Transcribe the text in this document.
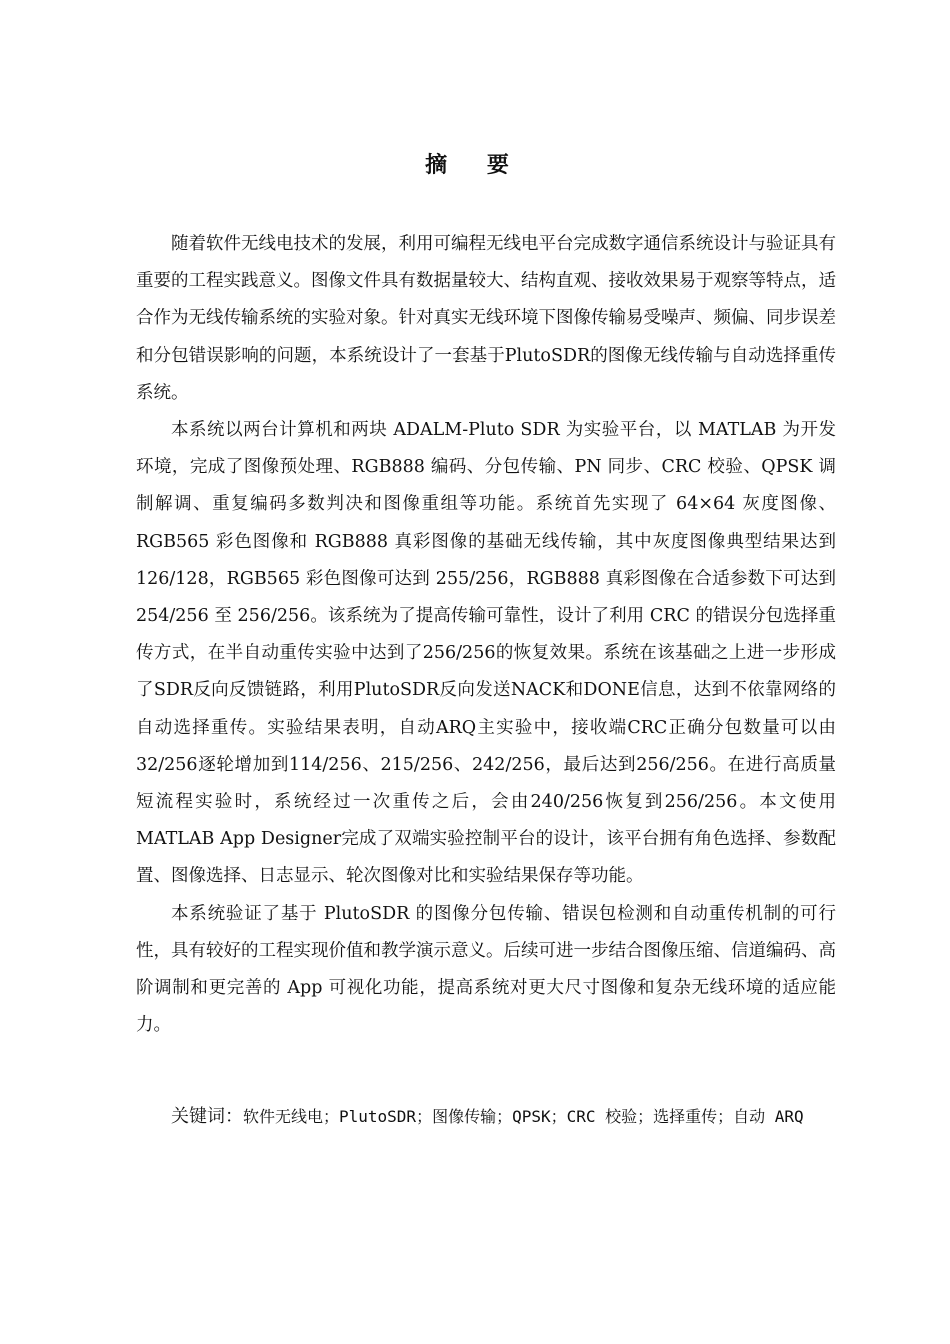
摘 要

随着软件无线电技术的发展，利用可编程无线电平台完成数字通信系统设计与验证具有重要的工程实践意义。图像文件具有数据量较大、结构直观、接收效果易于观察等特点，适合作为无线传输系统的实验对象。针对真实无线环境下图像传输易受噪声、频偏、同步误差和分包错误影响的问题，本系统设计了一套基于PlutoSDR的图像无线传输与自动选择重传系统。

本系统以两台计算机和两块 ADALM-Pluto SDR 为实验平台，以 MATLAB 为开发环境，完成了图像预处理、RGB888 编码、分包传输、PN 同步、CRC 校验、QPSK 调制解调、重复编码多数判决和图像重组等功能。系统首先实现了 64×64 灰度图像、RGB565 彩色图像和 RGB888 真彩图像的基础无线传输，其中灰度图像典型结果达到 126/128，RGB565 彩色图像可达到 255/256，RGB888 真彩图像在合适参数下可达到 254/256 至 256/256。该系统为了提高传输可靠性，设计了利用 CRC 的错误分包选择重传方式，在半自动重传实验中达到了256/256的恢复效果。系统在该基础之上进一步形成了SDR反向反馈链路，利用PlutoSDR反向发送NACK和DONE信息，达到不依靠网络的自动选择重传。实验结果表明，自动ARQ主实验中，接收端CRC正确分包数量可以由32/256逐轮增加到114/256、215/256、242/256，最后达到256/256。在进行高质量短流程实验时，系统经过一次重传之后，会由240/256恢复到256/256。本文使用MATLAB App Designer完成了双端实验控制平台的设计，该平台拥有角色选择、参数配置、图像选择、日志显示、轮次图像对比和实验结果保存等功能。

本系统验证了基于 PlutoSDR 的图像分包传输、错误包检测和自动重传机制的可行性，具有较好的工程实现价值和教学演示意义。后续可进一步结合图像压缩、信道编码、高阶调制和更完善的 App 可视化功能，提高系统对更大尺寸图像和复杂无线环境的适应能力。

关键词：软件无线电；PlutoSDR；图像传输；QPSK；CRC 校验；选择重传；自动 ARQ
